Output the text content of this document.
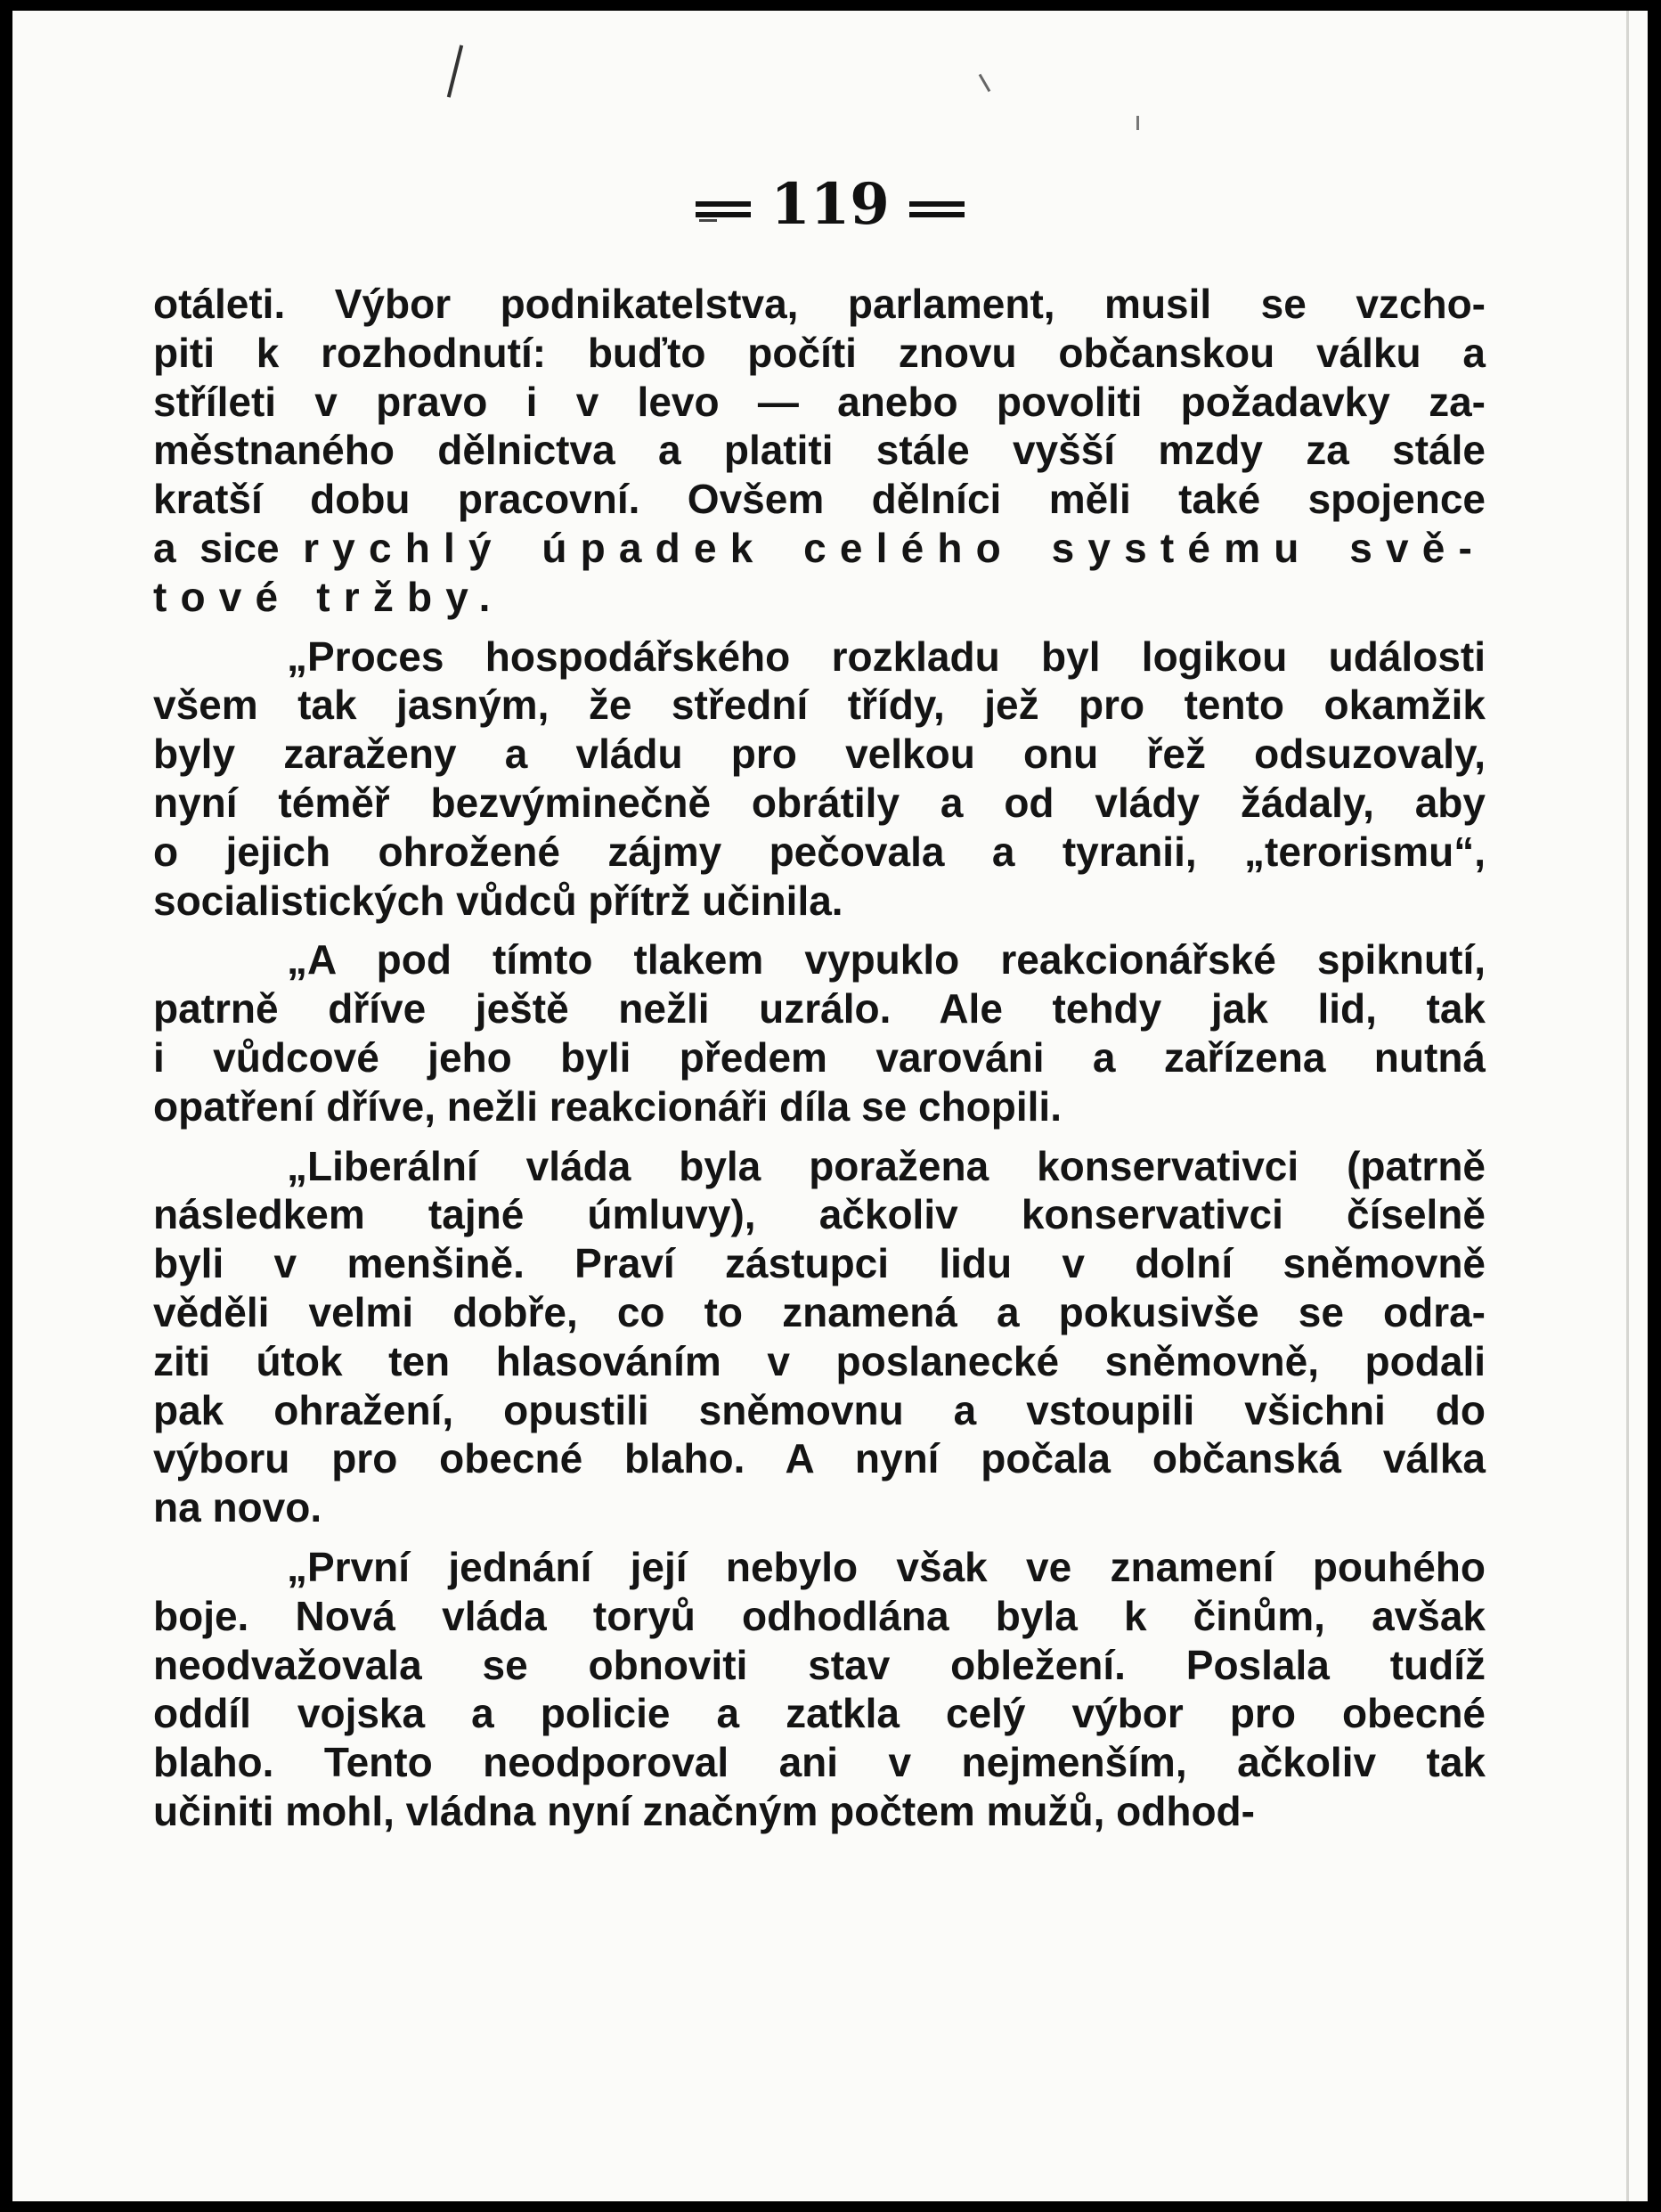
119
otáleti. Výbor podnikatelstva, parlament, musil se vzcho-
piti k rozhodnutí: buďto počíti znovu občanskou válku a
stříleti v pravo i v levo — anebo povoliti požadavky za-
městnaného dělnictva a platiti stále vyšší mzdy za stále
kratší dobu pracovní. Ovšem dělníci měli také spojence
a sice rychlý úpadek celého systému svě-
tové tržby.
„Proces hospodářského rozkladu byl logikou události
všem tak jasným, že střední třídy, jež pro tento okamžik
byly zaraženy a vládu pro velkou onu řež odsuzovaly,
nyní téměř bezvýminečně obrátily a od vlády žádaly, aby
o jejich ohrožené zájmy pečovala a tyranii, „terorismu“,
socialistických vůdců přítrž učinila.
„A pod tímto tlakem vypuklo reakcionářské spiknutí,
patrně dříve ještě nežli uzrálo. Ale tehdy jak lid, tak
i vůdcové jeho byli předem varováni a zařízena nutná
opatření dříve, nežli reakcionáři díla se chopili.
„Liberální vláda byla poražena konservativci (patrně
následkem tajné úmluvy), ačkoliv konservativci číselně
byli v menšině. Praví zástupci lidu v dolní sněmovně
věděli velmi dobře, co to znamená a pokusivše se odra-
ziti útok ten hlasováním v poslanecké sněmovně, podali
pak ohražení, opustili sněmovnu a vstoupili všichni do
výboru pro obecné blaho. A nyní počala občanská válka
na novo.
„První jednání její nebylo však ve znamení pouhého
boje. Nová vláda toryů odhodlána byla k činům, avšak
neodvažovala se obnoviti stav obležení. Poslala tudíž
oddíl vojska a policie a zatkla celý výbor pro obecné
blaho. Tento neodporoval ani v nejmenším, ačkoliv tak
učiniti mohl, vládna nyní značným počtem mužů, odhod-
